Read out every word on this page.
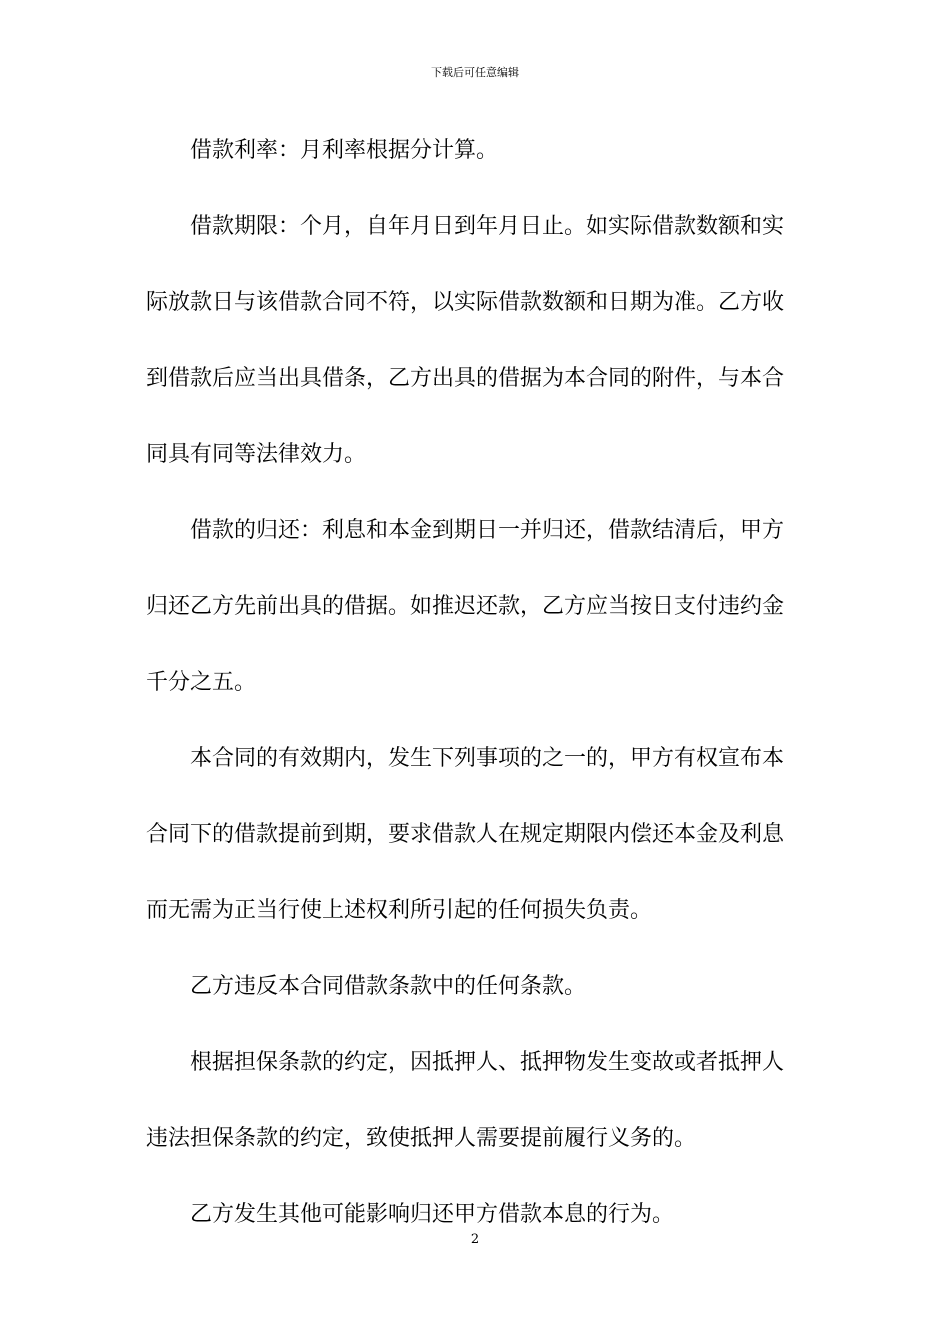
下载后可任意编辑
借款利率：月利率根据分计算。
借款期限：个月，自年月日到年月日止。如实际借款数额和实
际放款日与该借款合同不符，以实际借款数额和日期为准。乙方收
到借款后应当出具借条，乙方出具的借据为本合同的附件，与本合
同具有同等法律效力。
借款的归还：利息和本金到期日一并归还，借款结清后，甲方
归还乙方先前出具的借据。如推迟还款，乙方应当按日支付违约金
千分之五。
本合同的有效期内，发生下列事项的之一的，甲方有权宣布本
合同下的借款提前到期，要求借款人在规定期限内偿还本金及利息
而无需为正当行使上述权利所引起的任何损失负责。
乙方违反本合同借款条款中的任何条款。
根据担保条款的约定，因抵押人、抵押物发生变故或者抵押人
违法担保条款的约定，致使抵押人需要提前履行义务的。
乙方发生其他可能影响归还甲方借款本息的行为。
2
